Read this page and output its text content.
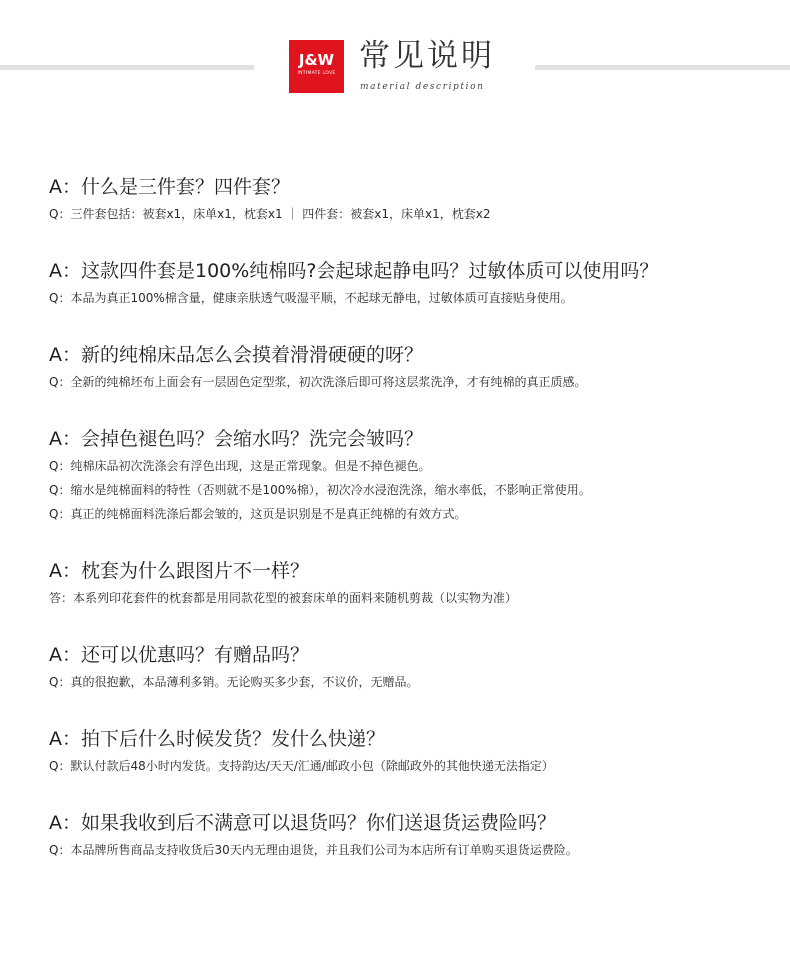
J&W
INTIMATE LOVE 常见说明
material description
A：什么是三件套？四件套？
Q：三件套包括：被套x1，床单x1，枕套x1 ｜ 四件套：被套x1，床单x1，枕套x2
A：这款四件套是100%纯棉吗?会起球起静电吗？过敏体质可以使用吗？
Q：本品为真正100%棉含量，健康亲肤透气吸湿平顺，不起球无静电，过敏体质可直接贴身使用。
A：新的纯棉床品怎么会摸着滑滑硬硬的呀？
Q：全新的纯棉坯布上面会有一层固色定型浆，初次洗涤后即可将这层浆洗净，才有纯棉的真正质感。
A：会掉色褪色吗？会缩水吗？洗完会皱吗？
Q：纯棉床品初次洗涤会有浮色出现，这是正常现象。但是不掉色褪色。
Q：缩水是纯棉面料的特性（否则就不是100%棉），初次冷水浸泡洗涤，缩水率低，不影响正常使用。
Q：真正的纯棉面料洗涤后都会皱的，这页是识别是不是真正纯棉的有效方式。
A：枕套为什么跟图片不一样？
答：本系列印花套件的枕套都是用同款花型的被套床单的面料来随机剪裁（以实物为准）
A：还可以优惠吗？有赠品吗？
Q：真的很抱歉，本品薄利多销。无论购买多少套，不议价，无赠品。
A：拍下后什么时候发货？发什么快递？
Q：默认付款后48小时内发货。支持韵达/天天/汇通/邮政小包（除邮政外的其他快递无法指定）
A：如果我收到后不满意可以退货吗？你们送退货运费险吗？
Q：本品牌所售商品支持收货后30天内无理由退货，并且我们公司为本店所有订单购买退货运费险。
